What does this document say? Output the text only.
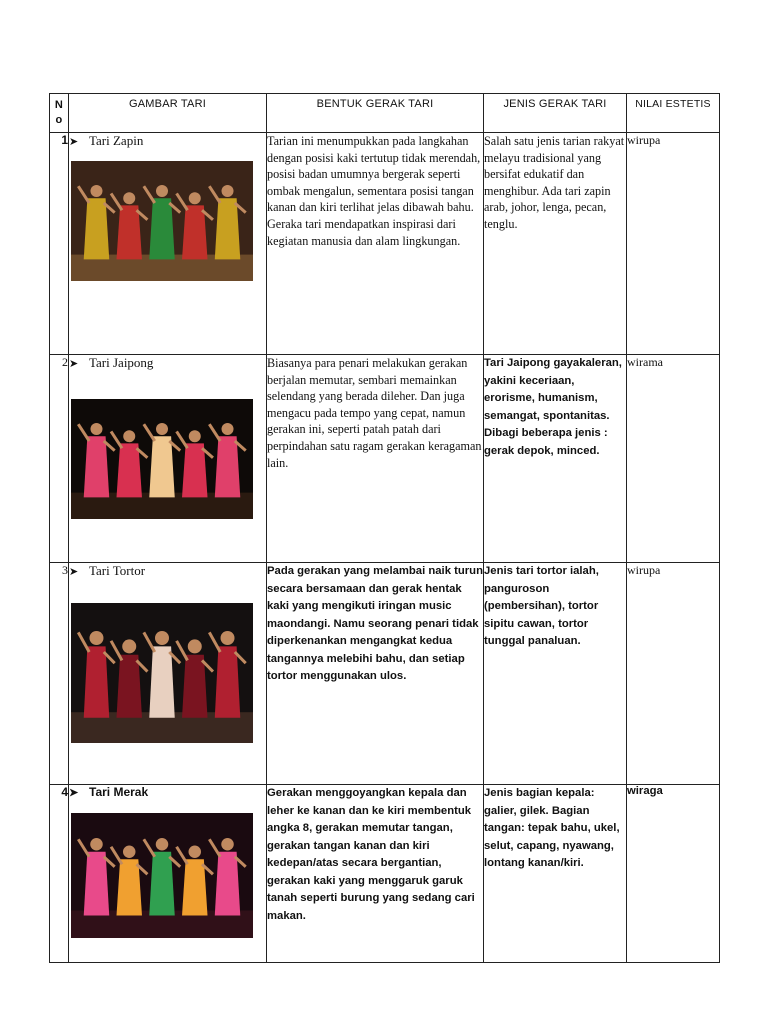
N o	GAMBAR TARI	BENTUK GERAK TARI	JENIS GERAK TARI	NILAI ESTETIS
1	➤ Tari Zapin	Tarian ini menumpukkan pada langkahan dengan posisi kaki tertutup tidak merendah, posisi badan umumnya bergerak seperti ombak mengalun, sementara posisi tangan kanan dan kiri terlihat jelas dibawah bahu. Geraka tari mendapatkan inspirasi dari kegiatan manusia dan alam lingkungan.	Salah satu jenis tarian rakyat melayu tradisional yang bersifat edukatif dan menghibur. Ada tari zapin arab, johor, lenga, pecan, tenglu.	wirupa
2	➤ Tari Jaipong	Biasanya para penari melakukan gerakan berjalan memutar, sembari memainkan selendang yang berada dileher. Dan juga mengacu pada tempo yang cepat, namun gerakan ini, seperti patah patah dari perpindahan satu ragam gerakan keragaman lain.	Tari Jaipong gayakaleran, yakini keceriaan, erorisme, humanism, semangat, spontanitas. Dibagi beberapa jenis : gerak depok, minced.	wirama
3	➤ Tari Tortor	Pada gerakan yang melambai naik turun secara bersamaan dan gerak hentak kaki yang mengikuti iringan music maondangi. Namu seorang penari tidak diperkenankan mengangkat kedua tangannya melebihi bahu, dan setiap tortor menggunakan ulos.	Jenis tari tortor ialah, panguroson (pembersihan), tortor sipitu cawan, tortor tunggal panaluan.	wirupa
4	➤ Tari Merak	Gerakan menggoyangkan kepala dan leher ke kanan dan ke kiri membentuk angka 8, gerakan memutar tangan, gerakan tangan kanan dan kiri kedepan/atas secara bergantian, gerakan kaki yang menggaruk garuk tanah seperti burung yang sedang cari makan.	Jenis bagian kepala: galier, gilek. Bagian tangan: tepak bahu, ukel, selut, capang, nyawang, lontang kanan/kiri.	wiraga
